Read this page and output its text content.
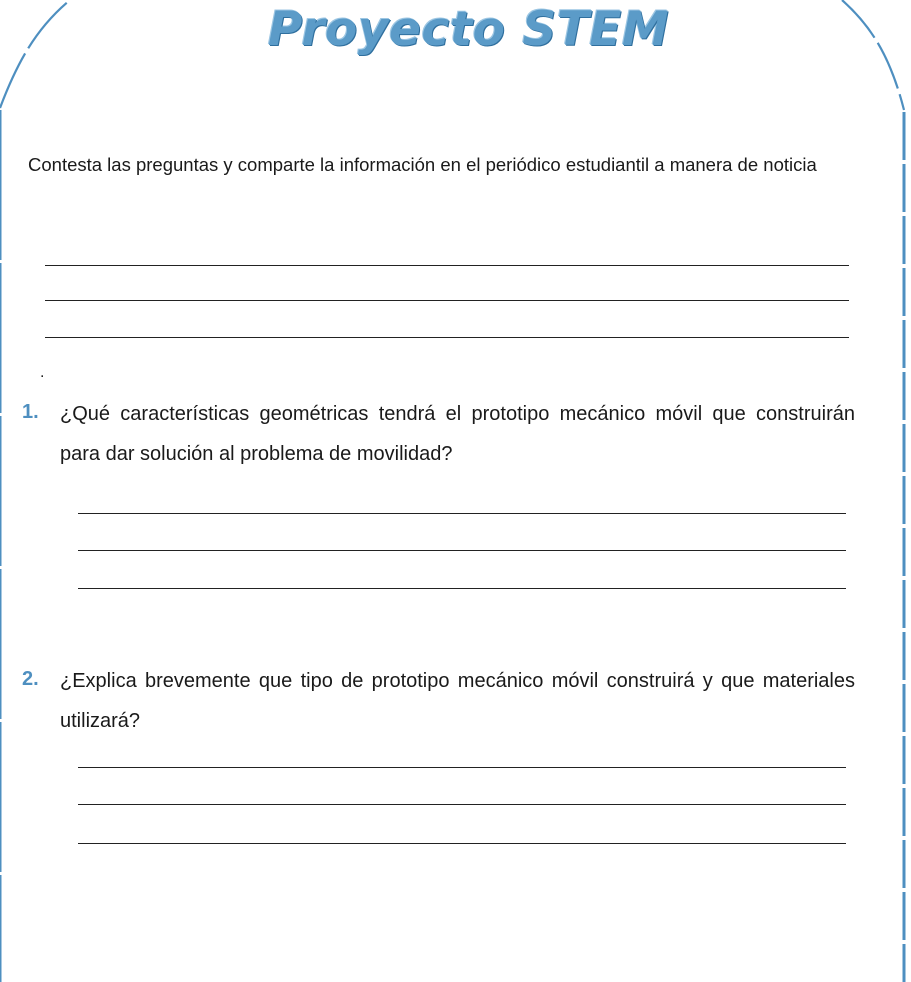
Proyecto STEM

Contesta las preguntas y comparte la información en el periódico estudiantil a manera de noticia

.
1. ¿Qué características geométricas tendrá el prototipo mecánico móvil que construirán para dar solución al problema de movilidad?

2. ¿Explica brevemente que tipo de prototipo mecánico móvil construirá y que materiales utilizará?
